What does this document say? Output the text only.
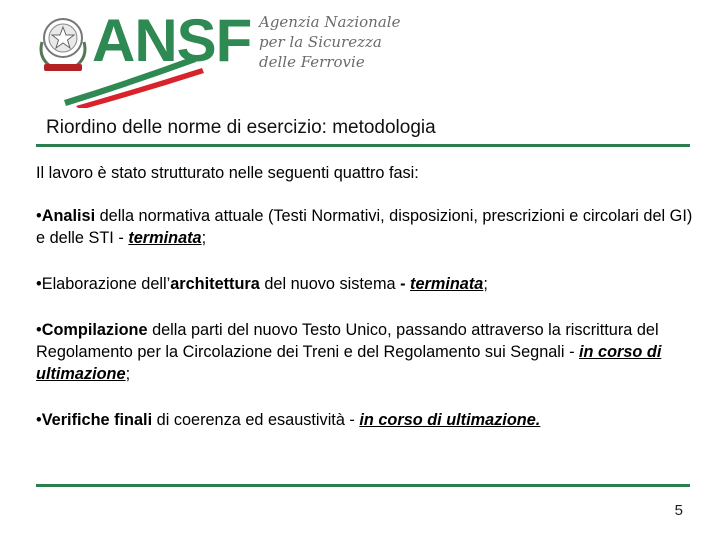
ANSF Agenzia Nazionale
per la Sicurezza
delle Ferrovie
Riordino delle norme di esercizio: metodologia

Il lavoro è stato strutturato nelle seguenti quattro fasi:

•Analisi della normativa attuale (Testi Normativi, disposizioni, prescrizioni e circolari del GI) e delle STI - terminata;

•Elaborazione dell’architettura del nuovo sistema - terminata;

•Compilazione della parti del nuovo Testo Unico, passando attraverso la riscrittura del Regolamento per la Circolazione dei Treni e del Regolamento sui Segnali - in corso di ultimazione;

•Verifiche finali di coerenza ed esaustività - in corso di ultimazione.

5
